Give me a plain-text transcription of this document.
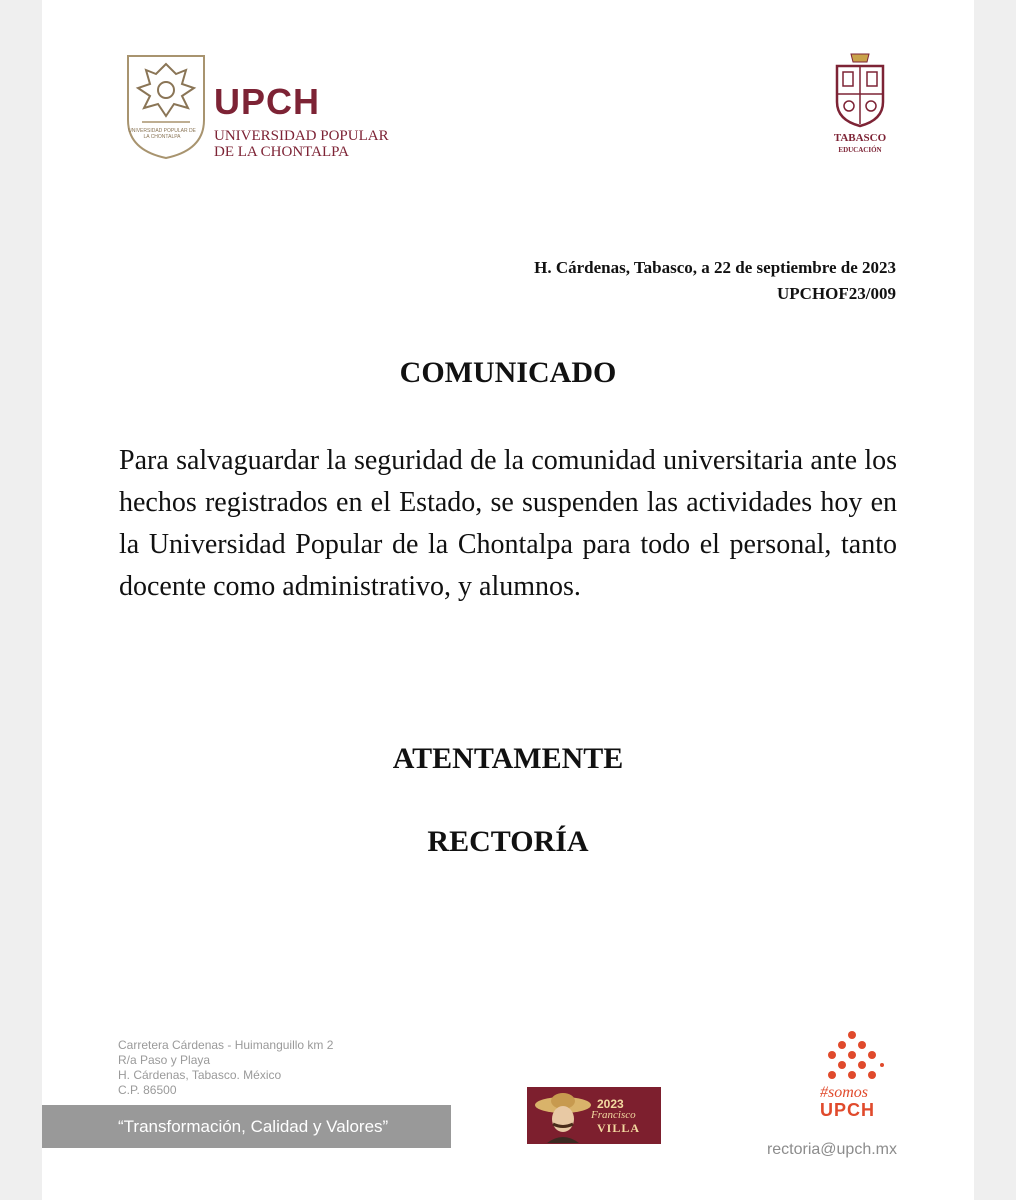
UNIVERSIDAD POPULAR DE LA CHONTALPA
UPCH
UNIVERSIDAD POPULAR
DE LA CHONTALPA
TABASCO
EDUCACIÓN
H. Cárdenas, Tabasco, a 22 de septiembre de 2023
UPCHOF23/009
COMUNICADO
Para salvaguardar la seguridad de la comunidad universitaria ante los hechos registrados en el Estado, se suspenden las actividades hoy en la Universidad Popular de la Chontalpa para todo el personal, tanto docente como administrativo, y alumnos.
ATENTAMENTE
RECTORÍA
Carretera Cárdenas - Huimanguillo km 2
R/a Paso y Playa
H. Cárdenas, Tabasco. México
C.P. 86500
“Transformación, Calidad y Valores”
2023
Francisco
VILLA
#somos
UPCH
rectoria@upch.mx
